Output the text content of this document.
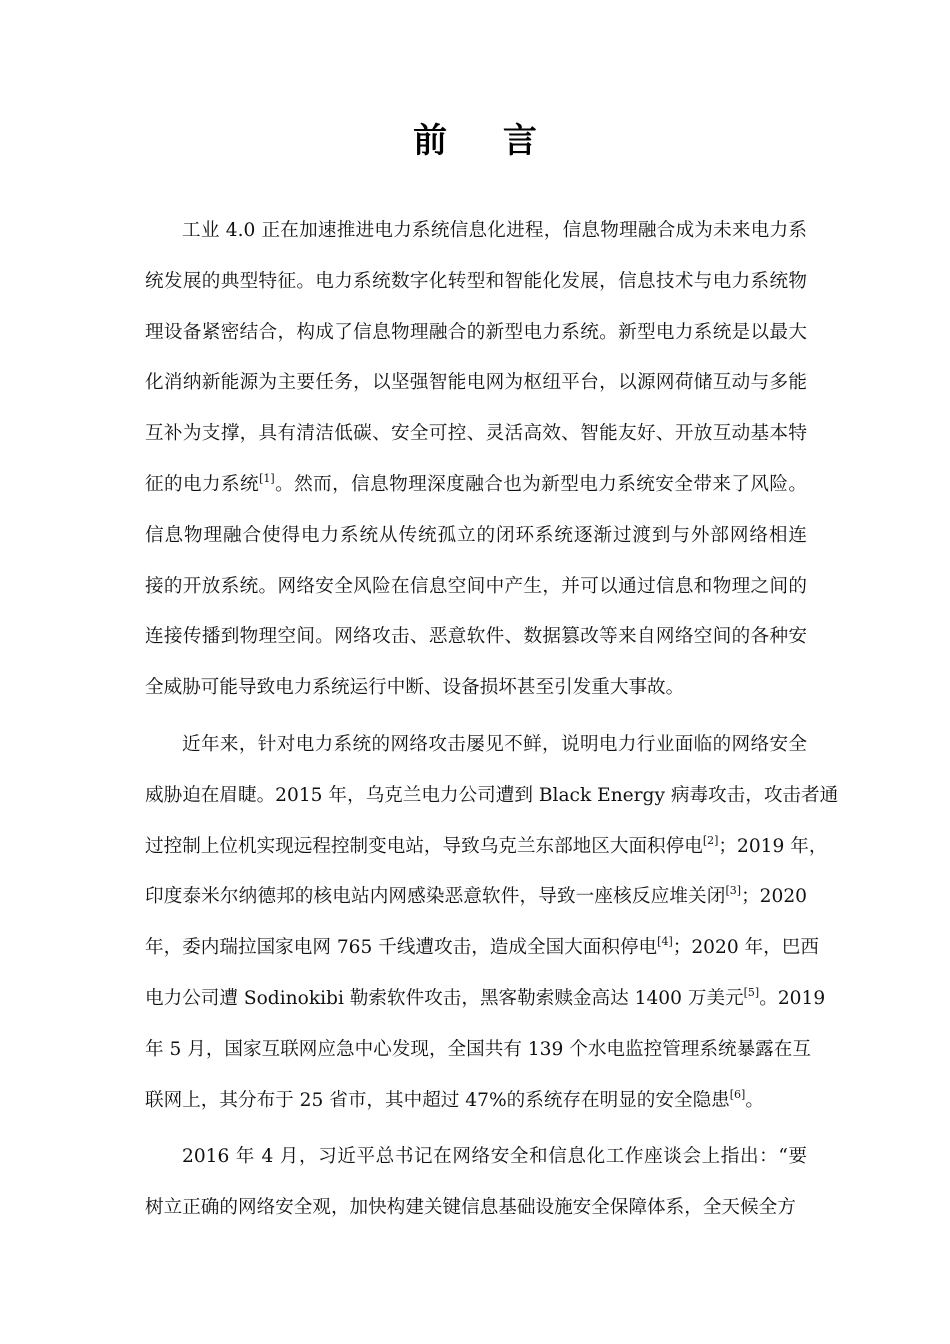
前 言
工业 4.0 正在加速推进电力系统信息化进程，信息物理融合成为未来电力系
统发展的典型特征。电力系统数字化转型和智能化发展，信息技术与电力系统物
理设备紧密结合，构成了信息物理融合的新型电力系统。新型电力系统是以最大
化消纳新能源为主要任务，以坚强智能电网为枢纽平台，以源网荷储互动与多能
互补为支撑，具有清洁低碳、安全可控、灵活高效、智能友好、开放互动基本特
征的电力系统[1]。然而，信息物理深度融合也为新型电力系统安全带来了风险。
信息物理融合使得电力系统从传统孤立的闭环系统逐渐过渡到与外部网络相连
接的开放系统。网络安全风险在信息空间中产生，并可以通过信息和物理之间的
连接传播到物理空间。网络攻击、恶意软件、数据篡改等来自网络空间的各种安
全威胁可能导致电力系统运行中断、设备损坏甚至引发重大事故。
近年来，针对电力系统的网络攻击屡见不鲜，说明电力行业面临的网络安全
威胁迫在眉睫。2015 年，乌克兰电力公司遭到 Black Energy 病毒攻击，攻击者通
过控制上位机实现远程控制变电站，导致乌克兰东部地区大面积停电[2]；2019 年，
印度泰米尔纳德邦的核电站内网感染恶意软件，导致一座核反应堆关闭[3]；2020
年，委内瑞拉国家电网 765 千线遭攻击，造成全国大面积停电[4]；2020 年，巴西
电力公司遭 Sodinokibi 勒索软件攻击，黑客勒索赎金高达 1400 万美元[5]。2019
年 5 月，国家互联网应急中心发现，全国共有 139 个水电监控管理系统暴露在互
联网上，其分布于 25 省市，其中超过 47%的系统存在明显的安全隐患[6]。
2016 年 4 月，习近平总书记在网络安全和信息化工作座谈会上指出：“要
树立正确的网络安全观，加快构建关键信息基础设施安全保障体系，全天候全方
